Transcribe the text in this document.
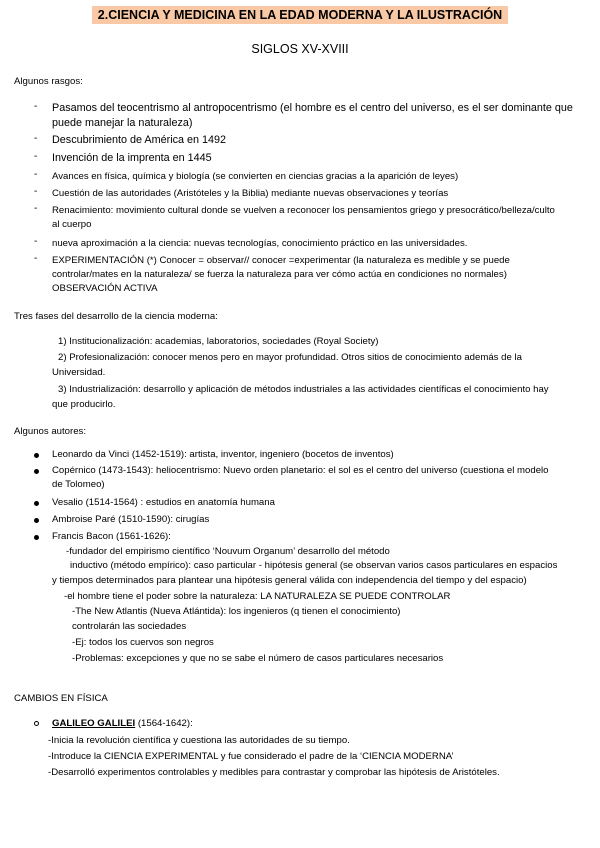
2.CIENCIA Y MEDICINA EN LA EDAD MODERNA Y LA ILUSTRACIÓN
SIGLOS XV-XVIII
Algunos rasgos:
- Pasamos del teocentrismo al antropocentrismo (el hombre es el centro del universo, es el ser dominante que
puede manejar la naturaleza)
- Descubrimiento de América en 1492
- Invención de la imprenta en 1445
- Avances en física, química y biología (se convierten en ciencias gracias a la aparición de leyes)
- Cuestión de las autoridades (Aristóteles y la Biblia) mediante nuevas observaciones y teorías
- Renacimiento: movimiento cultural donde se vuelven a reconocer los pensamientos griego y presocrático/belleza/culto
al cuerpo
- nueva aproximación a la ciencia: nuevas tecnologías, conocimiento práctico en las universidades.
- EXPERIMENTACIÓN (*) Conocer = observar// conocer =experimentar (la naturaleza es medible y se puede
controlar/mates en la naturaleza/ se fuerza la naturaleza para ver cómo actúa en condiciones no normales)
OBSERVACIÓN ACTIVA
Tres fases del desarrollo de la ciencia moderna:
1) Institucionalización: academias, laboratorios, sociedades (Royal Society)
2) Profesionalización: conocer menos pero en mayor profundidad. Otros sitios de conocimiento además de la
Universidad.
3) Industrialización: desarrollo y aplicación de métodos industriales a las actividades científicas el conocimiento hay
que producirlo.
Algunos autores:
Leonardo da Vinci (1452-1519): artista, inventor, ingeniero (bocetos de inventos)
Copérnico (1473-1543): heliocentrismo: Nuevo orden planetario: el sol es el centro del universo (cuestiona el modelo
de Tolomeo)
Vesalio (1514-1564) : estudios en anatomía humana
Ambroise Paré (1510-1590): cirugías
Francis Bacon (1561-1626):
-fundador del empirismo científico ‘Nouvum Organum’ desarrollo del método
inductivo (método empírico): caso particular - hipótesis general (se observan varios casos particulares en espacios
y tiempos determinados para plantear una hipótesis general válida con independencia del tiempo y del espacio)
-el hombre tiene el poder sobre la naturaleza: LA NATURALEZA SE PUEDE CONTROLAR
-The New Atlantis (Nueva Atlántida): los ingenieros (q tienen el conocimiento)
controlarán las sociedades
-Ej: todos los cuervos son negros
-Problemas: excepciones y que no se sabe el número de casos particulares necesarios
CAMBIOS EN FÍSICA
GALILEO GALILEI (1564-1642):
-Inicia la revolución científica y cuestiona las autoridades de su tiempo.
-Introduce la CIENCIA EXPERIMENTAL y fue considerado el padre de la ‘CIENCIA MODERNA’
-Desarrolló experimentos controlables y medibles para contrastar y comprobar las hipótesis de Aristóteles.
